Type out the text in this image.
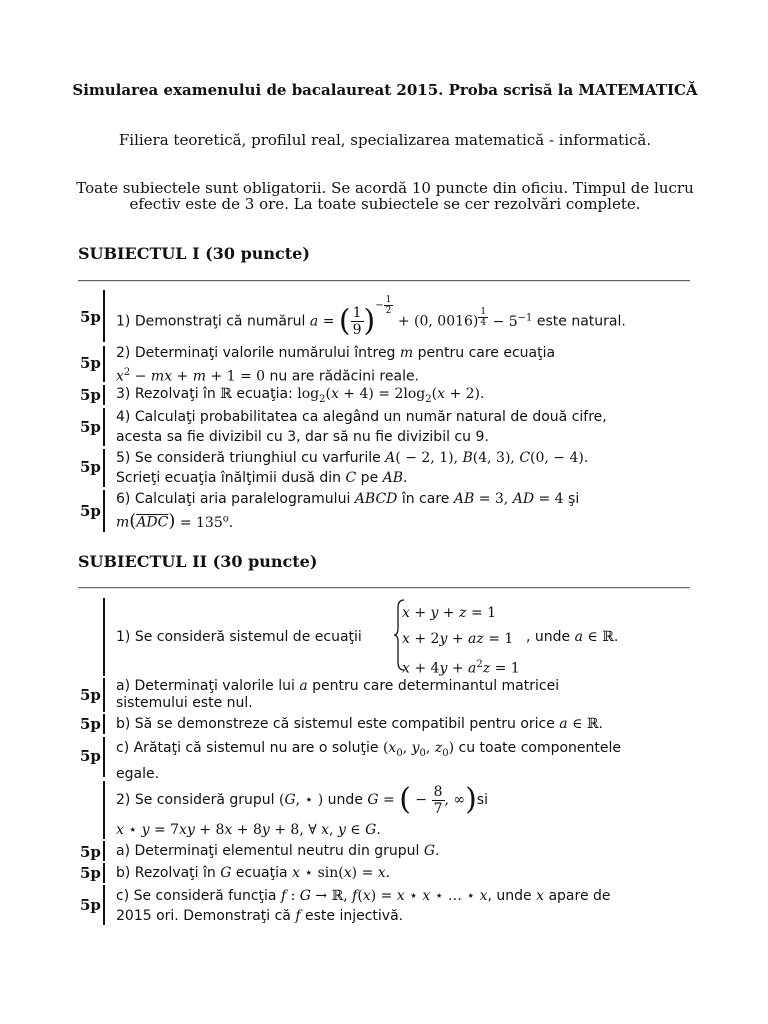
Simularea examenului de bacalaureat 2015. Proba scrisă la MATEMATICĂ
Filiera teoretică, profilul real, specializarea matematică - informatică.
Toate subiectele sunt obligatorii. Se acordă 10 puncte din oficiu. Timpul de lucru efectiv este de 3 ore. La toate subiectele se cer rezolvări complete.
SUBIECTUL I (30 puncte)
5p
5p
5p
5p
5p
5p
1) Demonstraţi că numărul a = ( $\frac{1}{9} )^{- \frac{1}{2}}$
+ (0, 0016) $^{\frac{1}{4}} - 5^{-1}$ este natural.
2) Determinaţi valorile numărului întreg m pentru care ecuaţia
$x^2$ − mx + m + 1 = 0 nu are rădăcini reale.
3) Rezolvaţi în ℝ ecuaţia: $\log_2(x + 4) = 2\log_2(x + 2)$.
4) Calculaţi probabilitatea ca alegând un număr natural de două cifre,
acesta sa fie divizibil cu 3, dar să nu fie divizibil cu 9.
5) Se consideră triunghiul cu varfurile A( − 2, 1), B(4, 3), C(0, − 4).
Scrieţi ecuaţia înălţimii dusă din C pe AB.
6) Calculaţi aria paralelogramului ABCD în care AB = 3, AD = 4 şi
$m(\overline{ADC}) = 135^o$.
SUBIECTUL II (30 puncte)
5p
5p
5p
5p
5p
5p
1) Se consideră sistemul de ecuaţii
x + y + z = 1
x + 2y + az = 1
$x + 4y + a^2z = 1$
, unde a ∈ ℝ.
a) Determinaţi valorile lui a pentru care determinantul matricei
sistemului este nul.
b) Să se demonstreze că sistemul este compatibil pentru orice a ∈ ℝ.
c) Arătaţi că sistemul nu are o soluţie ($x_0$, $y_0$, $z_0$) cu toate componentele
egale.
2) Se consideră grupul (G, ⋆ ) unde G = ( − $\frac{8}{7}$ , ∞)si
x ⋆ y = 7xy + 8x + 8y + 8, ∀ x, y ∈ G.
a) Determinaţi elementul neutru din grupul G.
b) Rezolvaţi în G ecuaţia x ⋆ sin(x) = x.
c) Se consideră funcţia f : G → ℝ, f(x) = x ⋆ x ⋆ … ⋆ x, unde x apare de
2015 ori. Demonstraţi că f este injectivă.
